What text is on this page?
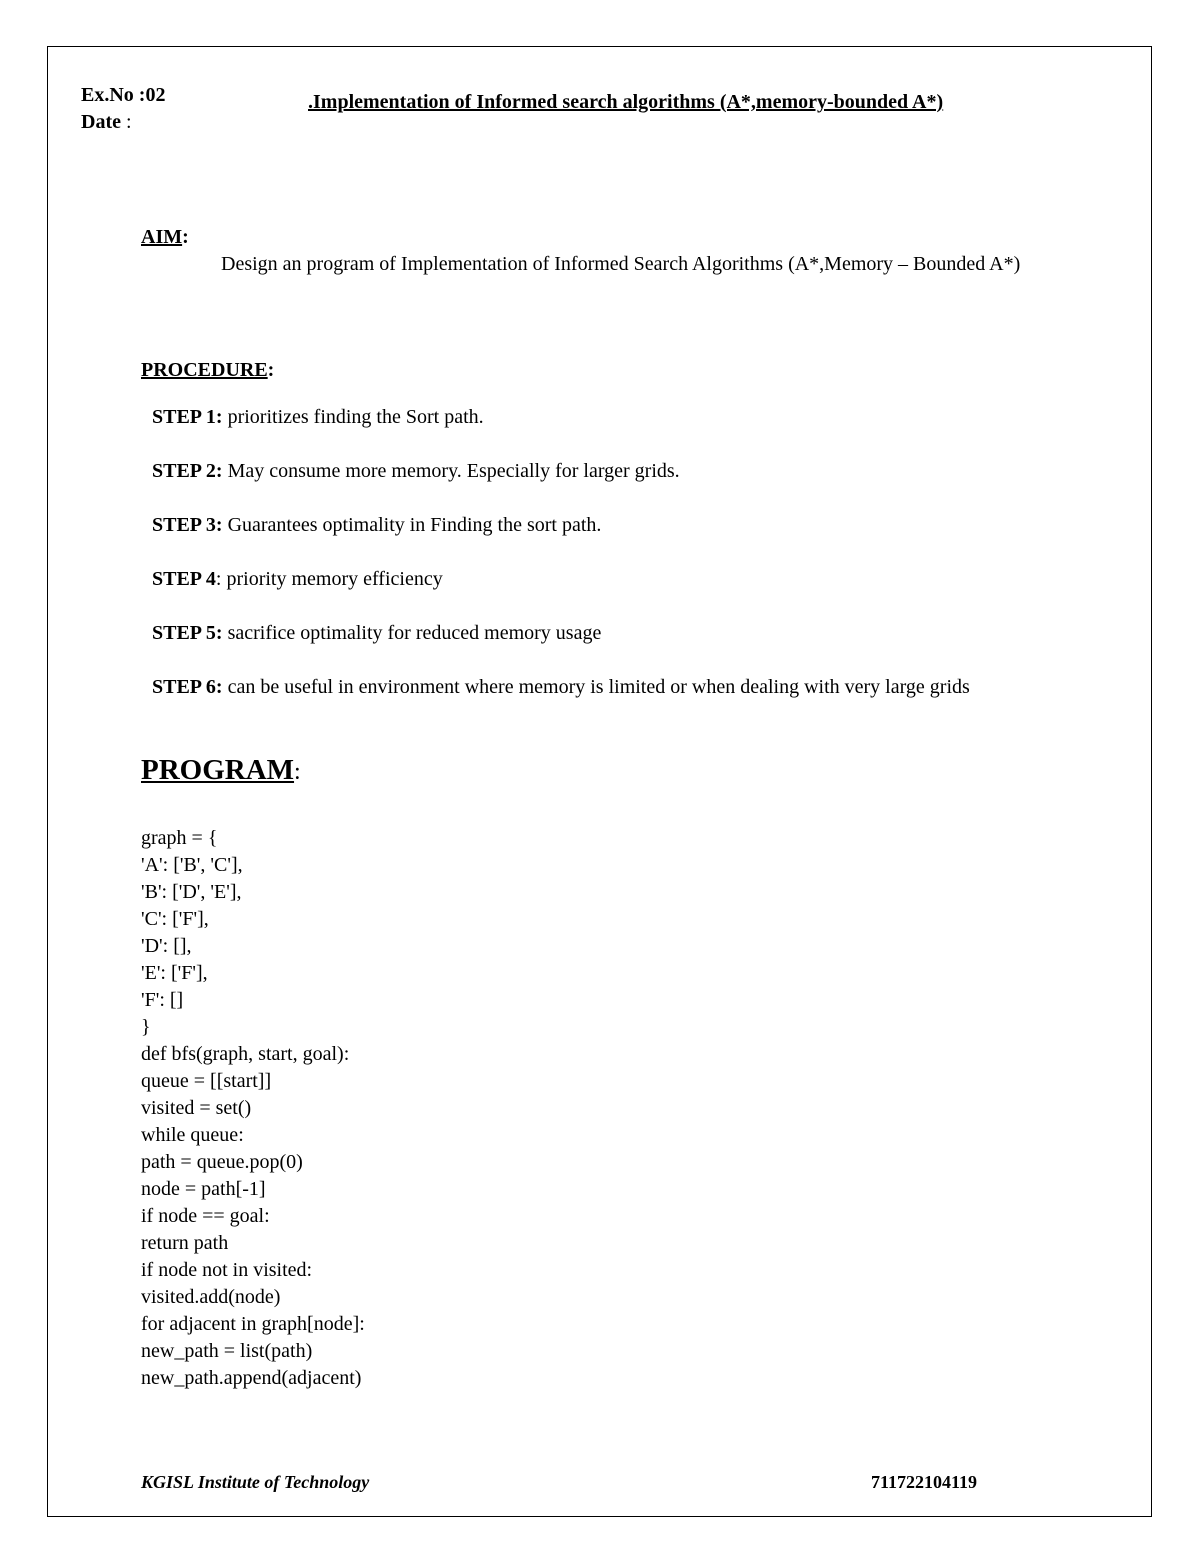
Ex.No :02
Date :
.Implementation of Informed search algorithms (A*,memory-bounded A*)
AIM:
Design an program of Implementation of Informed Search Algorithms (A*,Memory – Bounded A*)
PROCEDURE:
STEP 1: prioritizes finding the Sort path.
STEP 2: May consume more memory. Especially for larger grids.
STEP 3: Guarantees optimality in Finding the sort path.
STEP 4: priority memory efficiency
STEP 5: sacrifice optimality for reduced memory usage
STEP 6: can be useful in environment where memory is limited or when dealing with very large grids
PROGRAM:
graph = {
'A': ['B', 'C'],
'B': ['D', 'E'],
'C': ['F'],
'D': [],
'E': ['F'],
'F': []
}
def bfs(graph, start, goal):
queue = [[start]]
visited = set()
while queue:
path = queue.pop(0)
node = path[-1]
if node == goal:
return path
if node not in visited:
visited.add(node)
for adjacent in graph[node]:
new_path = list(path)
new_path.append(adjacent)
KGISL Institute of Technology	711722104119
